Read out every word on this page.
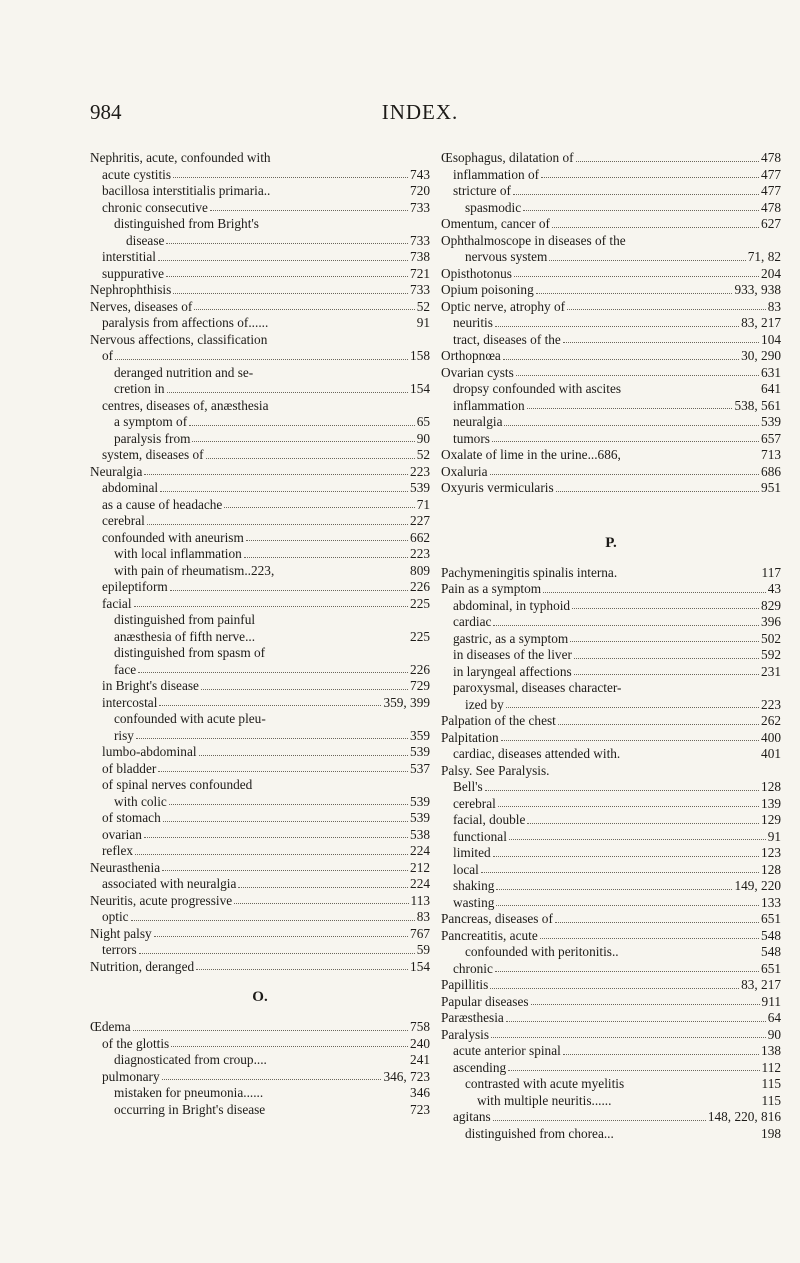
984	INDEX.
Nephritis, acute, confounded with
acute cystitis	743
bacillosa interstitialis primaria..	720
chronic consecutive	733
distinguished from Bright's
disease	733
interstitial	738
suppurative	721
Nephrophthisis	733
Nerves, diseases of	52
paralysis from affections of......	91
Nervous affections, classification
of	158
deranged nutrition and se-
cretion in	154
centres, diseases of, anæsthesia
a symptom of	65
paralysis from	90
system, diseases of	52
Neuralgia	223
abdominal	539
as a cause of headache	71
cerebral	227
confounded with aneurism	662
with local inflammation	223
with pain of rheumatism..223,	809
epileptiform	226
facial	225
distinguished from painful
anæsthesia of fifth nerve...	225
distinguished from spasm of
face	226
in Bright's disease	729
intercostal	359, 399
confounded with acute pleu-
risy	359
lumbo-abdominal	539
of bladder	537
of spinal nerves confounded
with colic	539
of stomach	539
ovarian	538
reflex	224
Neurasthenia	212
associated with neuralgia	224
Neuritis, acute progressive	113
optic	83
Night palsy	767
terrors	59
Nutrition, deranged	154
O.
Œdema	758
of the glottis	240
diagnosticated from croup....	241
pulmonary	346, 723
mistaken for pneumonia......	346
occurring in Bright's disease	723
Œsophagus, dilatation of	478
inflammation of	477
stricture of	477
spasmodic	478
Omentum, cancer of	627
Ophthalmoscope in diseases of the
nervous system	71, 82
Opisthotonus	204
Opium poisoning	933, 938
Optic nerve, atrophy of	83
neuritis	83, 217
tract, diseases of the	104
Orthopnœa	30, 290
Ovarian cysts	631
dropsy confounded with ascites	641
inflammation	538, 561
neuralgia	539
tumors	657
Oxalate of lime in the urine...686,	713
Oxaluria	686
Oxyuris vermicularis	951
P.
Pachymeningitis spinalis interna.	117
Pain as a symptom	43
abdominal, in typhoid	829
cardiac	396
gastric, as a symptom	502
in diseases of the liver	592
in laryngeal affections	231
paroxysmal, diseases character-
ized by	223
Palpation of the chest	262
Palpitation	400
cardiac, diseases attended with.	401
Palsy. See Paralysis.
Bell's	128
cerebral	139
facial, double	129
functional	91
limited	123
local	128
shaking	149, 220
wasting	133
Pancreas, diseases of	651
Pancreatitis, acute	548
confounded with peritonitis..	548
chronic	651
Papillitis	83, 217
Papular diseases	911
Paræsthesia	64
Paralysis	90
acute anterior spinal	138
ascending	112
contrasted with acute myelitis	115
with multiple neuritis......	115
agitans	148, 220, 816
distinguished from chorea...	198
